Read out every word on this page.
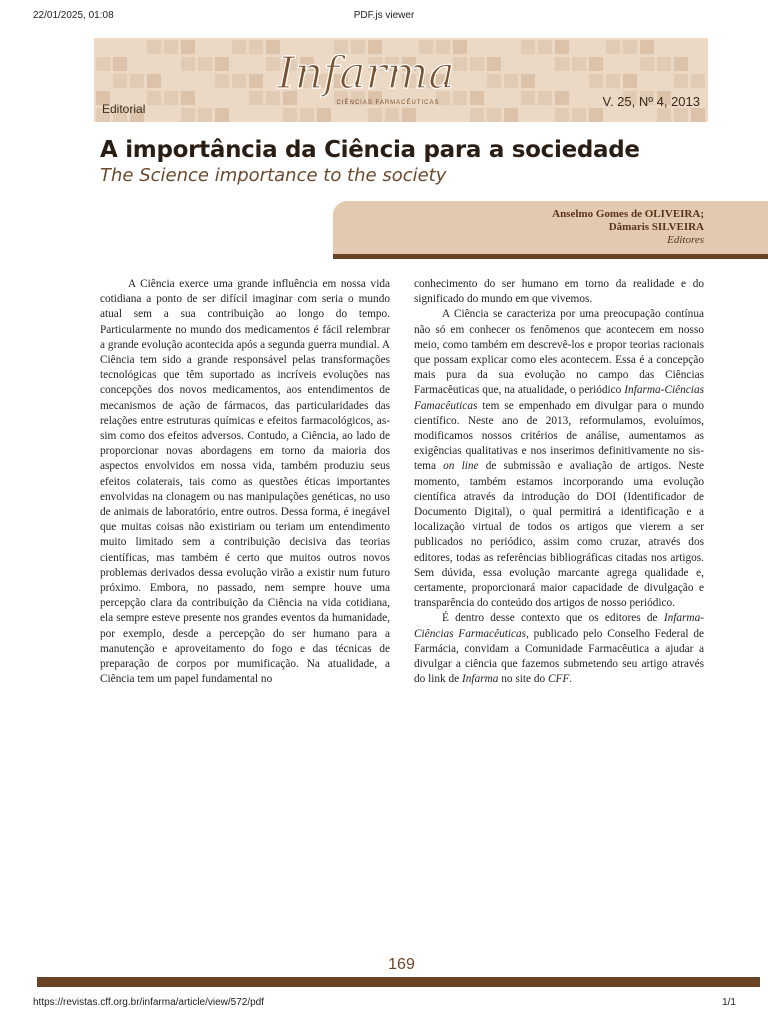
22/01/2025, 01:08	PDF.js viewer
Infarma
CIÊNCIAS FARMACÊUTICAS
Editorial	V. 25, Nº 4, 2013
A importância da Ciência para a sociedade
The Science importance to the society
Anselmo Gomes de OLIVEIRA;
Dâmaris SILVEIRA
Editores

A Ciência exerce uma grande influência em nossa vida cotidiana a ponto de ser difícil imaginar com seria o mundo atual sem a sua contribuição ao longo do tempo. Particularmente no mundo dos medicamentos é fácil relembrar a grande evolução acontecida após a segunda guerra mundial. A Ciência tem sido a grande responsável pelas transformações tecnológicas que têm suportado as incríveis evoluções nas concepções dos novos medicamentos, aos entendimentos de mecanismos de ação de fármacos, das particularidades das relações entre estruturas químicas e efeitos farmacológicos, assim como dos efeitos adversos. Contudo, a Ciência, ao lado de proporcionar novas abordagens em torno da maioria dos aspectos envolvidos em nossa vida, também produziu seus efeitos colaterais, tais como as questões éticas importantes envolvidas na clonagem ou nas manipulações genéticas, no uso de animais de laboratório, entre outros. Dessa forma, é inegável que muitas coisas não existiriam ou teriam um entendimento muito limitado sem a contribuição decisiva das teorias científicas, mas também é certo que muitos outros novos problemas derivados dessa evolução virão a existir num futuro próximo. Embora, no passado, nem sempre houve uma percepção clara da contribuição da Ciência na vida cotidiana, ela sempre esteve presente nos grandes eventos da humanidade, por exemplo, desde a percepção do ser humano para a manutenção e aproveitamento do fogo e das técnicas de preparação de corpos por mumificação. Na atualidade, a Ciência tem um papel fundamental no

conhecimento do ser humano em torno da realidade e do significado do mundo em que vivemos.

A Ciência se caracteriza por uma preocupação contínua não só em conhecer os fenômenos que acontecem em nosso meio, como também em descrevê-los e propor teorias racionais que possam explicar como eles acontecem. Essa é a concepção mais pura da sua evolução no campo das Ciências Farmacêuticas que, na atualidade, o periódico Infarma-Ciências Famacêuticas tem se empenhado em divulgar para o mundo científico. Neste ano de 2013, reformulamos, evoluímos, modificamos nossos critérios de análise, aumentamos as exigências qualitativas e nos inserimos definitivamente no sistema on line de submissão e avaliação de artigos. Neste momento, também estamos incorporando uma evolução científica através da introdução do DOI (Identificador de Documento Digital), o qual permitirá a identificação e a localização virtual de todos os artigos que vierem a ser publicados no periódico, assim como cruzar, através dos editores, todas as referências bibliográficas citadas nos artigos. Sem dúvida, essa evolução marcante agrega qualidade e, certamente, proporcionará maior capacidade de divulgação e transparência do conteúdo dos artigos de nosso periódico.

É dentro desse contexto que os editores de Infarma-Ciências Farmacêuticas, publicado pelo Conselho Federal de Farmácia, convidam a Comunidade Farmacêutica a ajudar a divulgar a ciência que fazemos submetendo seu artigo através do link de Infarma no site do CFF.

169
https://revistas.cff.org.br/infarma/article/view/572/pdf	1/1
